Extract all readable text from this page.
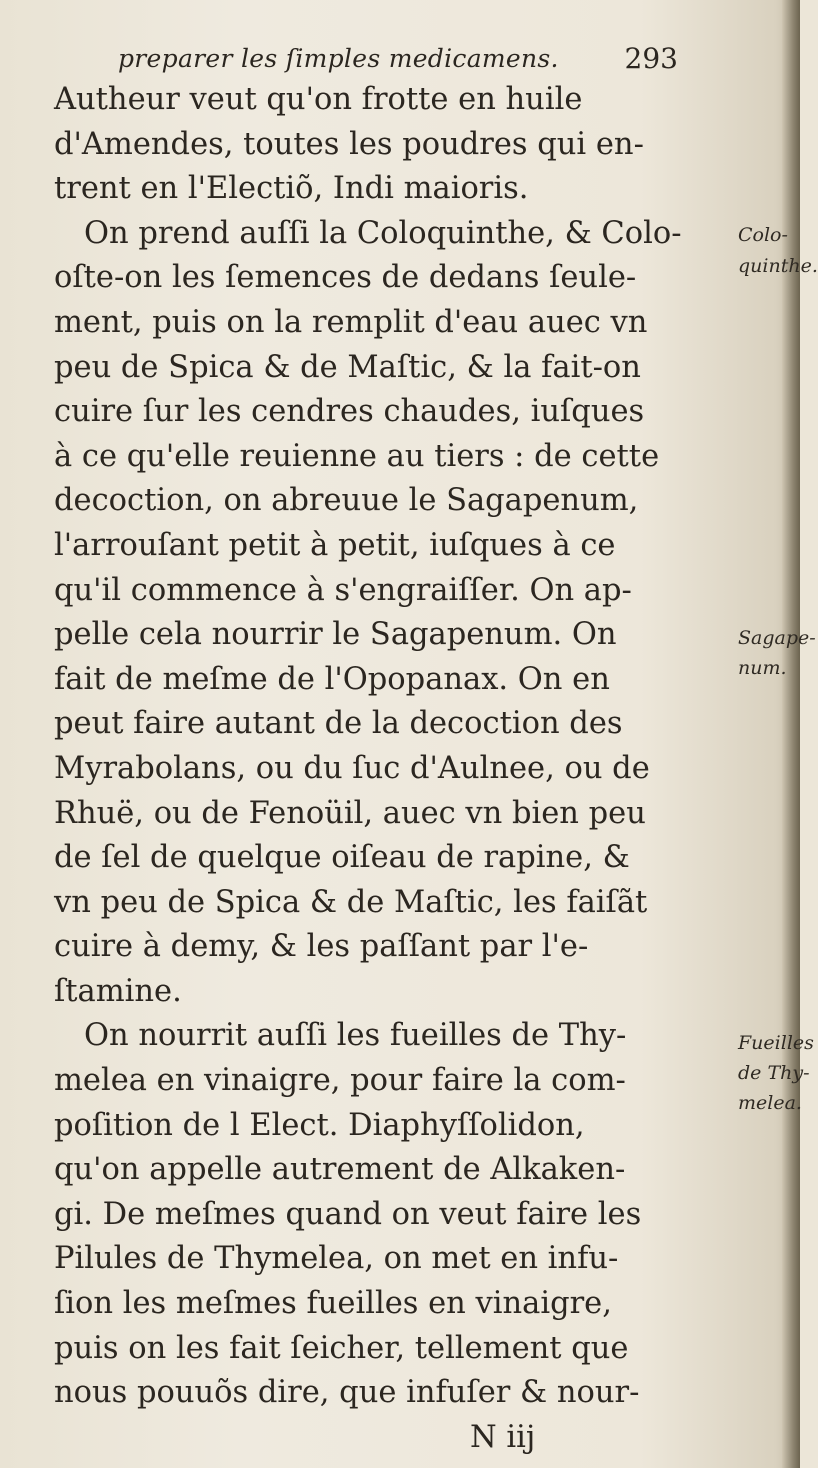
preparer les ſimples medicamens. 293
Autheur veut qu'on frotte en huile
d'Amendes, toutes les poudres qui en-
trent en l'Electiõ, Indi maioris.
On prend auſſi la Coloquinthe, & Colo-
oſte-on les ſemences de dedans ſeule-
ment, puis on la remplit d'eau auec vn
peu de Spica & de Maſtic, & la fait-on
cuire ſur les cendres chaudes, iuſques
à ce qu'elle reuienne au tiers : de cette
decoction, on abreuue le Sagapenum,
l'arrouſant petit à petit, iuſques à ce
qu'il commence à s'engraiſſer. On ap-
pelle cela nourrir le Sagapenum. On
fait de meſme de l'Opopanax. On en
peut faire autant de la decoction des
Myrabolans, ou du ſuc d'Aulnee, ou de
Rhuë, ou de Fenoüil, auec vn bien peu
de ſel de quelque oiſeau de rapine, &
vn peu de Spica & de Maſtic, les faiſãt
cuire à demy, & les paſſant par l'e-
ſtamine.
On nourrit auſſi les fueilles de Thy-
melea en vinaigre, pour faire la com-
poſition de l Elect. Diaphyſſolidon,
qu'on appelle autrement de Alkaken-
gi. De meſmes quand on veut faire les
Pilules de Thymelea, on met en infu-
ſion les meſmes fueilles en vinaigre,
puis on les fait ſeicher, tellement que
nous pouuõs dire, que infuſer & nour-
N iij
Colo-
quinthe.
Sagape-
num.
Fueilles
de Thy-
melea.
